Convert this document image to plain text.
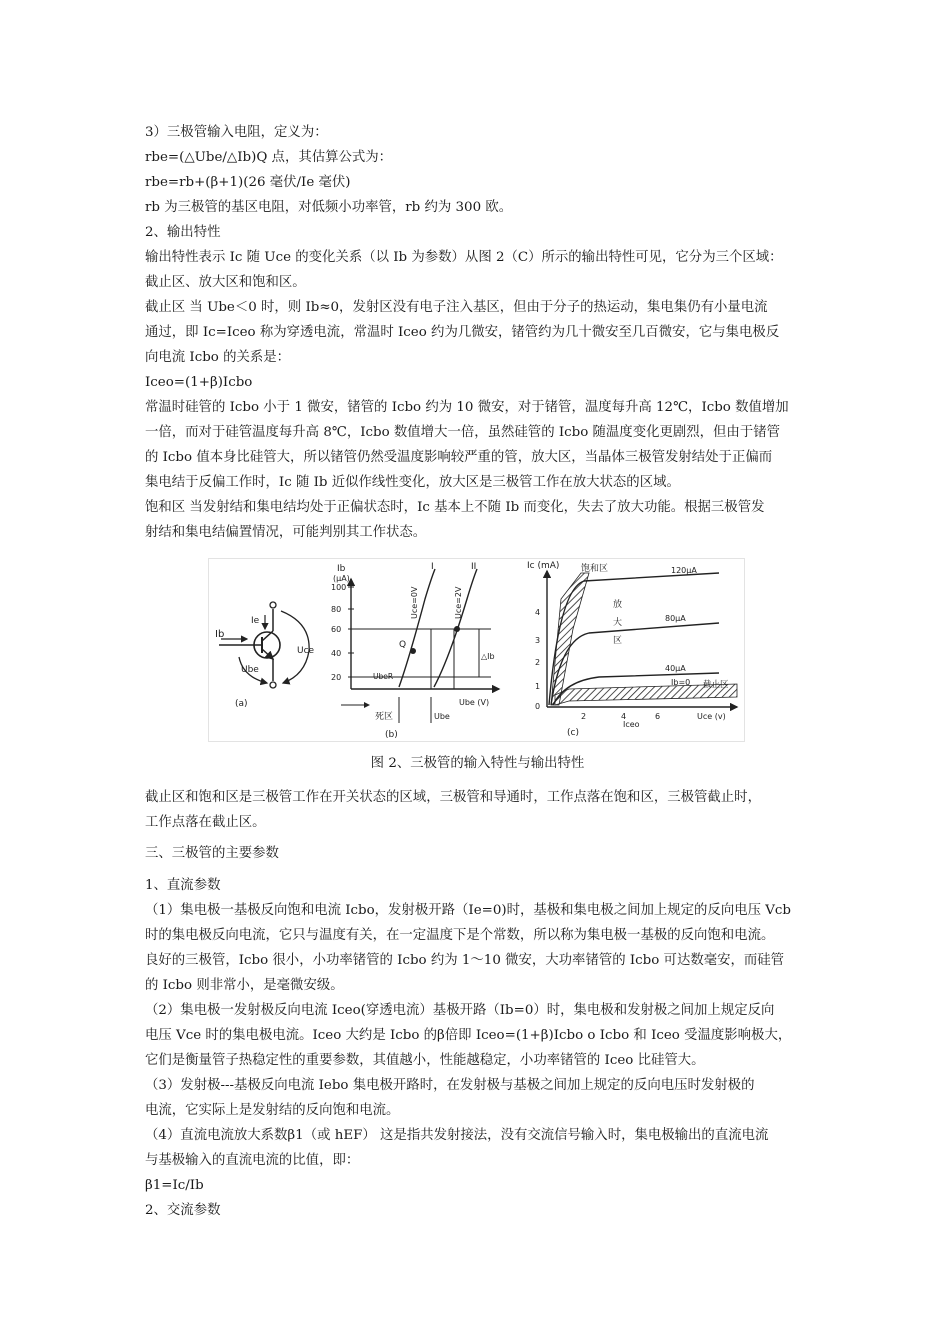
3）三极管输入电阻，定义为：

rbe=(△Ube/△Ib)Q 点，其估算公式为：

rbe=rb+(β+1)(26 毫伏/Ie 毫伏)

rb 为三极管的基区电阻，对低频小功率管，rb 约为 300 欧。

2、输出特性

输出特性表示 Ic 随 Uce 的变化关系（以 Ib 为参数）从图 2（C）所示的输出特性可见，它分为三个区域：

截止区、放大区和饱和区。

截止区 当 Ube＜0 时，则 Ib≈0，发射区没有电子注入基区，但由于分子的热运动，集电集仍有小量电流

通过，即 Ic=Iceo 称为穿透电流，常温时 Iceo 约为几微安，锗管约为几十微安至几百微安，它与集电极反

向电流 Icbo 的关系是：

Iceo=(1+β)Icbo

常温时硅管的 Icbo 小于 1 微安，锗管的 Icbo 约为 10 微安，对于锗管，温度每升高 12℃，Icbo 数值增加

一倍，而对于硅管温度每升高 8℃，Icbo 数值增大一倍，虽然硅管的 Icbo 随温度变化更剧烈，但由于锗管

的 Icbo 值本身比硅管大，所以锗管仍然受温度影响较严重的管，放大区，当晶体三极管发射结处于正偏而

集电结于反偏工作时，Ic 随 Ib 近似作线性变化，放大区是三极管工作在放大状态的区域。

饱和区 当发射结和集电结均处于正偏状态时，Ic 基本上不随 Ib 而变化，失去了放大功能。根据三极管发

射结和集电结偏置情况，可能判别其工作状态。

Ib
Ie
Uce
Ube
(a)
Ib
(μA)
100
80
60
40
20
I	II
Uce=0V	Uce=2V
Q
△Ib
UbeR
死区	Ube
Ube (V)
(b)
Ic (mA)
4
3
2
1
0
2	4	6
饱和区
放
大
区
120μA
80μA
40μA
Ib=0 截止区
Iceo
Uce (v)
(c)
图 2、三极管的输入特性与输出特性

截止区和饱和区是三极管工作在开关状态的区域，三极管和导通时，工作点落在饱和区，三极管截止时，

工作点落在截止区。

三、三极管的主要参数

1、直流参数

（1）集电极一基极反向饱和电流 Icbo，发射极开路（Ie=0)时，基极和集电极之间加上规定的反向电压 Vcb

时的集电极反向电流，它只与温度有关，在一定温度下是个常数，所以称为集电极一基极的反向饱和电流。

良好的三极管，Icbo 很小，小功率锗管的 Icbo 约为 1～10 微安，大功率锗管的 Icbo 可达数毫安，而硅管

的 Icbo 则非常小，是毫微安级。

（2）集电极一发射极反向电流 Iceo(穿透电流）基极开路（Ib=0）时，集电极和发射极之间加上规定反向

电压 Vce 时的集电极电流。Iceo 大约是 Icbo 的β倍即 Iceo=(1+β)Icbo o Icbo 和 Iceo 受温度影响极大，

它们是衡量管子热稳定性的重要参数，其值越小，性能越稳定，小功率锗管的 Iceo 比硅管大。

（3）发射极---基极反向电流 Iebo 集电极开路时，在发射极与基极之间加上规定的反向电压时发射极的

电流，它实际上是发射结的反向饱和电流。

（4）直流电流放大系数β1（或 hEF） 这是指共发射接法，没有交流信号输入时，集电极输出的直流电流

与基极输入的直流电流的比值，即：

β1=Ic/Ib

2、交流参数
